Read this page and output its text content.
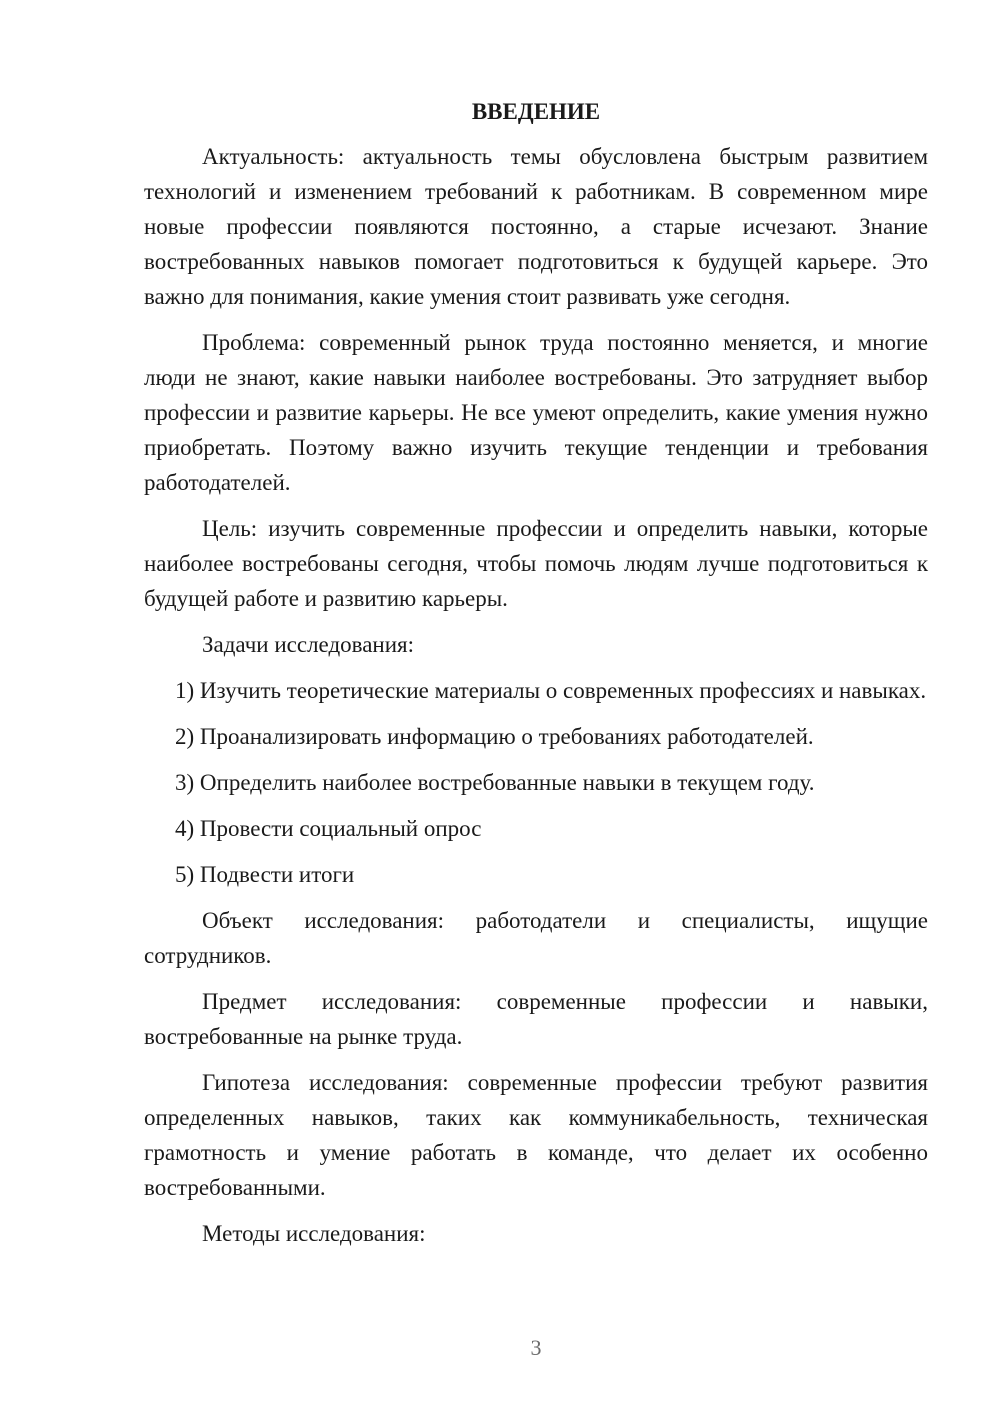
ВВЕДЕНИЕ

Актуальность: актуальность темы обусловлена быстрым развитием технологий и изменением требований к работникам. В современном мире новые профессии появляются постоянно, а старые исчезают. Знание востребованных навыков помогает подготовиться к будущей карьере. Это важно для понимания, какие умения стоит развивать уже сегодня.

Проблема: современный рынок труда постоянно меняется, и многие люди не знают, какие навыки наиболее востребованы. Это затрудняет выбор профессии и развитие карьеры. Не все умеют определить, какие умения нужно приобретать. Поэтому важно изучить текущие тенденции и требования работодателей.

Цель: изучить современные профессии и определить навыки, которые наиболее востребованы сегодня, чтобы помочь людям лучше подготовиться к будущей работе и развитию карьеры.

Задачи исследования:

1) Изучить теоретические материалы о современных профессиях и навыках.

2) Проанализировать информацию о требованиях работодателей.

3) Определить наиболее востребованные навыки в текущем году.

4) Провести социальный опрос

5) Подвести итоги

Объект исследования: работодатели и специалисты, ищущие сотрудников.

Предмет исследования: современные профессии и навыки, востребованные на рынке труда.

Гипотеза исследования: современные профессии требуют развития определенных навыков, таких как коммуникабельность, техническая грамотность и умение работать в команде, что делает их особенно востребованными.

Методы исследования:

3
